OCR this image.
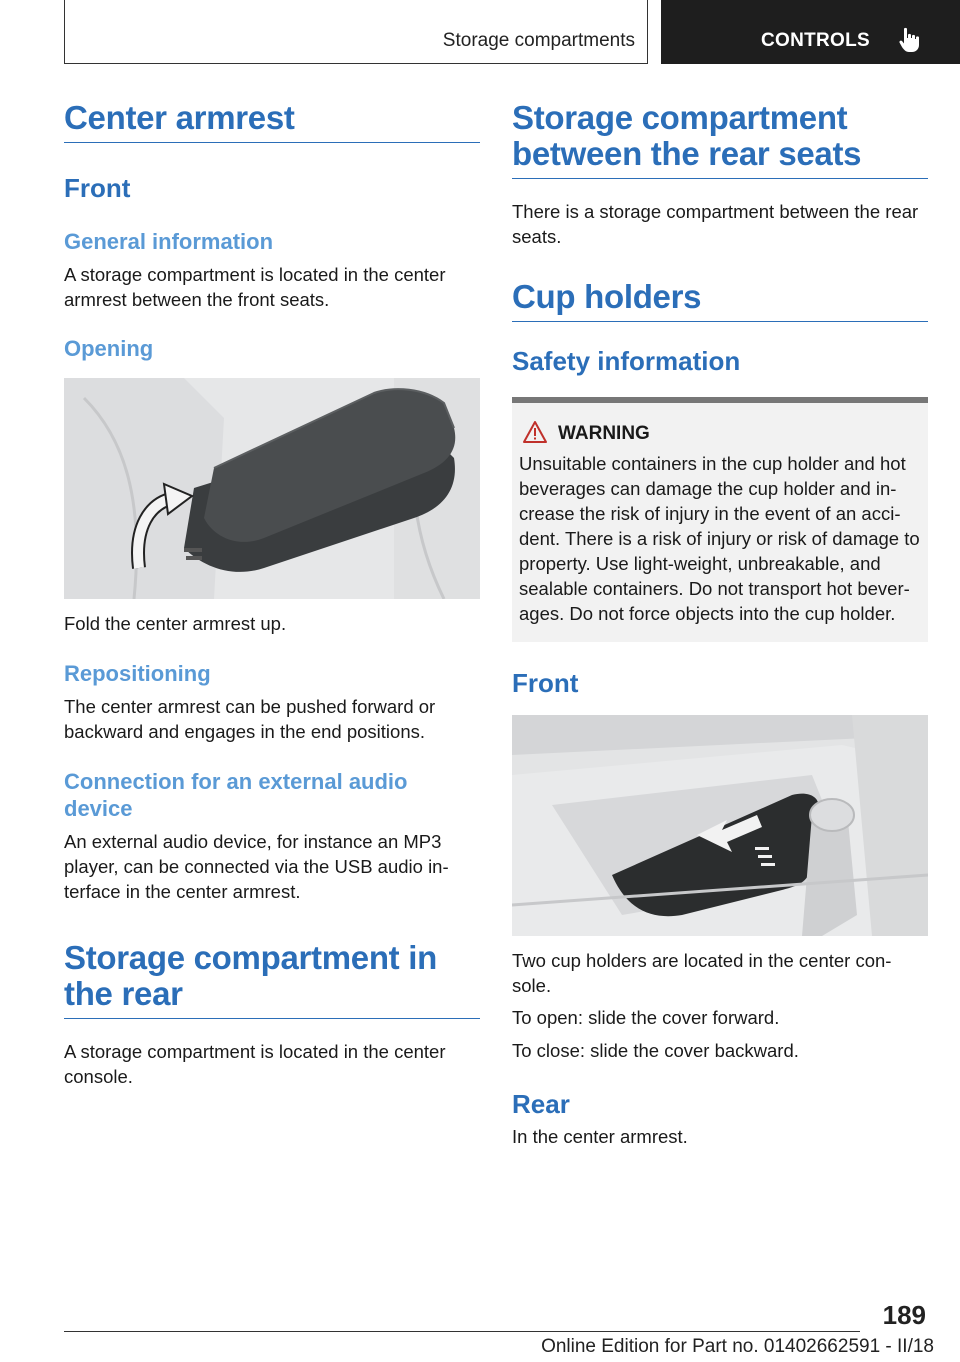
Storage compartments	CONTROLS
Center armrest
Front
General information

A storage compartment is located in the center armrest between the front seats.

Opening

Fold the center armrest up.

Repositioning

The center armrest can be pushed forward or backward and engages in the end positions.

Connection for an external audio
device

An external audio device, for instance an MP3 player, can be connected via the USB audio in-terface in the center armrest.

Storage compartment in
the rear

A storage compartment is located in the center console.

Storage compartment
between the rear seats

There is a storage compartment between the rear seats.

Cup holders
Safety information
WARNING

Unsuitable containers in the cup holder and hot beverages can damage the cup holder and in-crease the risk of injury in the event of an acci-dent. There is a risk of injury or risk of damage to property. Use light-weight, unbreakable, and sealable containers. Do not transport hot bever-ages. Do not force objects into the cup holder.

Front

Two cup holders are located in the center con-sole.

To open: slide the cover forward.

To close: slide the cover backward.

Rear

In the center armrest.

189
Online Edition for Part no. 01402662591 - II/18
